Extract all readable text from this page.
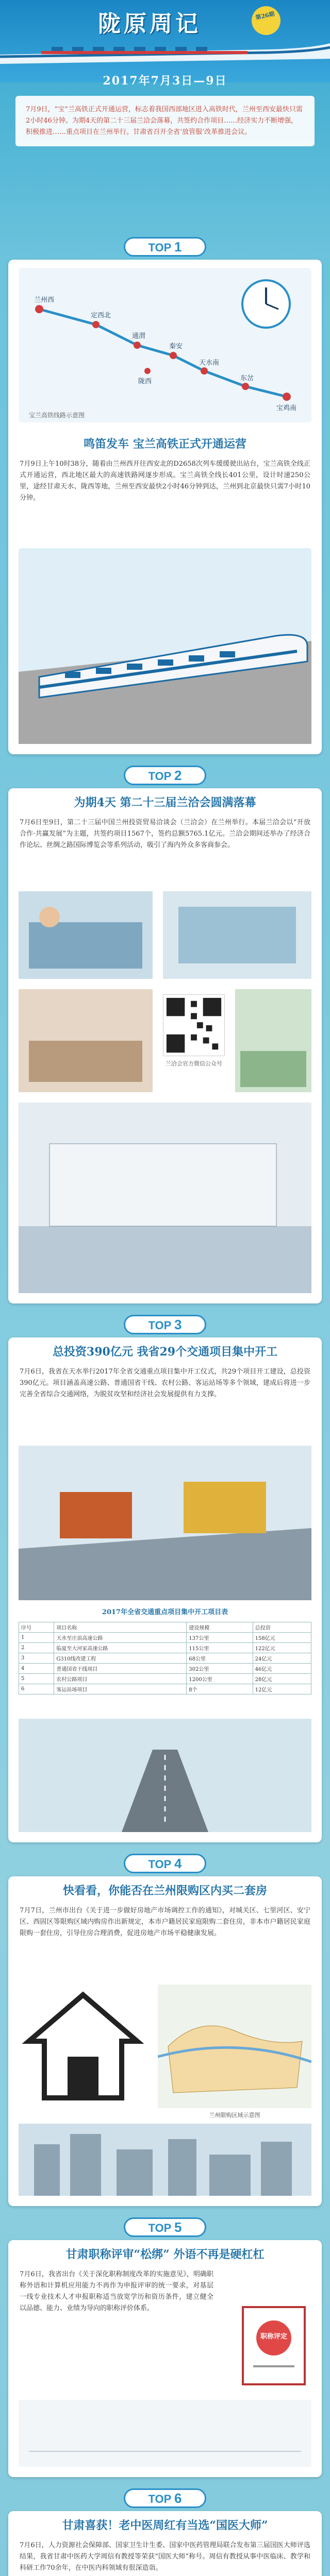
陇原周记	第26期
2017年7月3日—9日
7月9日，“宝”兰高铁正式开通运营，标志着我国西部地区进入高铁时代，兰州至西安最快只需2小时46分钟。为期4天的第二十三届兰洽会落幕，共签约合作项目……经济实力不断增强，积极推进……重点项目在兰州举行。甘肃省召开全省‘放管服’改革推进会议。
TOP 1
兰州西
定西北
通渭
秦安
天水南
东岔
宝鸡南
陇西
宝兰高铁线路示意图
鸣笛发车 宝兰高铁正式开通运营
7月9日上午10时38分，随着由兰州西开往西安北的D2658次列车缓缓驶出站台，宝兰高铁全线正式开通运营，西北地区最大的高速铁路网逐步形成。宝兰高铁全线长401公里，设计时速250公里，途经甘肃天水、陇西等地，兰州至西安最快2小时46分钟到达，兰州到北京最快只需7小时10分钟。
TOP 2
为期4天 第二十三届兰洽会圆满落幕
7月6日至9日，第二十三届中国兰州投资贸易洽谈会（兰洽会）在兰州举行。本届兰洽会以“开放合作·共赢发展”为主题，共签约项目1567个，签约总额5765.1亿元。兰洽会期间还举办了经济合作论坛、丝绸之路国际博览会等系列活动，吸引了海内外众多客商参会。
兰洽会官方微信公众号
TOP 3
总投资390亿元 我省29个交通项目集中开工
7月6日，我省在天水举行2017年全省交通重点项目集中开工仪式，共29个项目开工建设，总投资390亿元。项目涵盖高速公路、普通国省干线、农村公路、客运站场等多个领域，建成后将进一步完善全省综合交通网络，为脱贫攻坚和经济社会发展提供有力支撑。
2017年全省交通重点项目集中开工项目表
序号	项目名称	建设规模	总投资
1	天水至庄浪高速公路	137公里	158亿元
2	临夏至大河家高速公路	115公里	122亿元
3	G310线改建工程	68公里	24亿元
4	普通国省干线项目	302公里	46亿元
5	农村公路项目	1200公里	28亿元
6	客运站场项目	8个	12亿元
TOP 4
快看看，你能否在兰州限购区内买二套房
7月7日，兰州市出台《关于进一步做好房地产市场调控工作的通知》，对城关区、七里河区、安宁区、西固区等限购区域内购房作出新规定，本市户籍居民家庭限购二套住房，非本市户籍居民家庭限购一套住房，引导住房合理消费，促进房地产市场平稳健康发展。
兰州限购区域示意图
TOP 5
甘肃职称评审“松绑” 外语不再是硬杠杠
7月6日，我省出台《关于深化职称制度改革的实施意见》，明确职称外语和计算机应用能力不再作为申报评审的统一要求，对基层一线专业技术人才申报职称适当放宽学历和资历条件，建立健全以品德、能力、业绩为导向的职称评价体系。
职称评定
TOP 6
甘肃喜获！老中医周红有当选“国医大师”
7月6日，人力资源社会保障部、国家卫生计生委、国家中医药管理局联合发布第三届国医大师评选结果，我省甘肃中医药大学周信有教授等荣获“国医大师”称号。周信有教授从事中医临床、教学和科研工作70余年，在中医内科领域有很深造诣。
